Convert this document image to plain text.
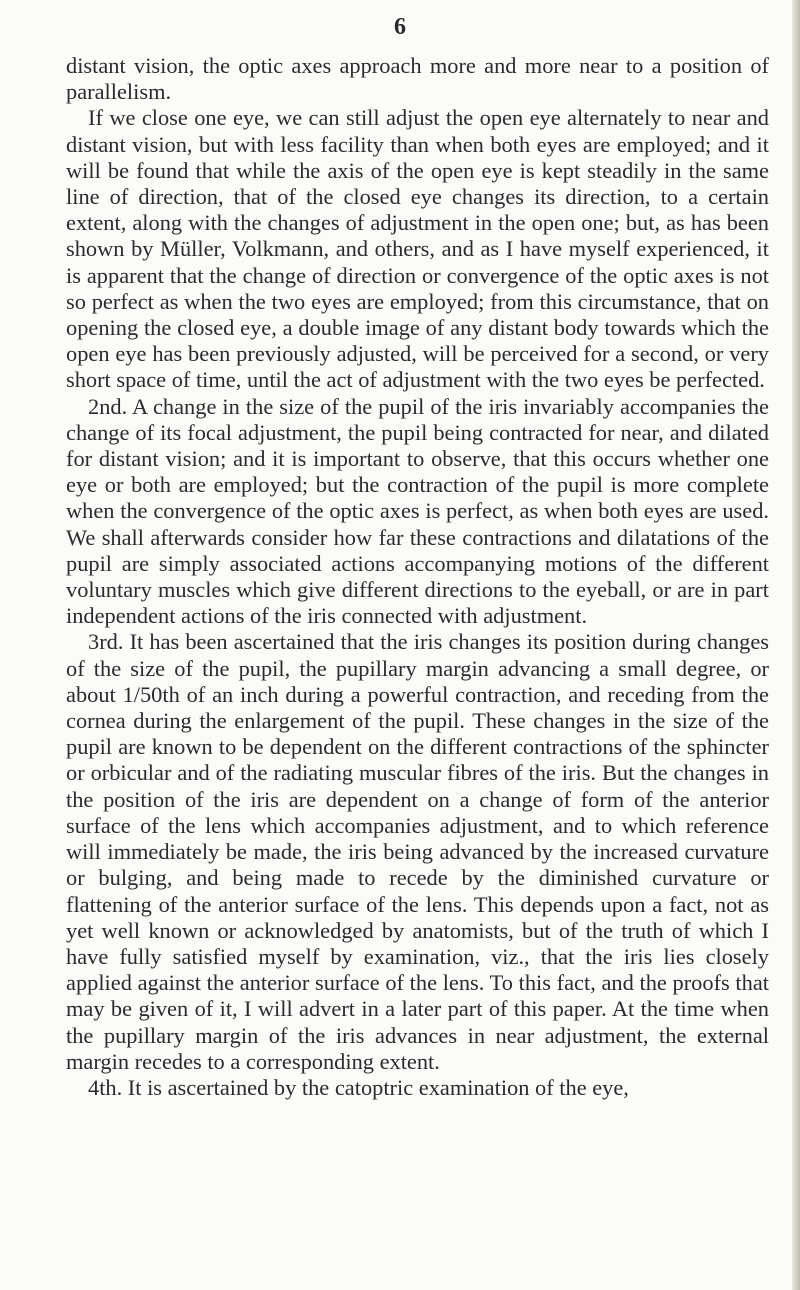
6

distant vision, the optic axes approach more and more near to a position of parallelism.

If we close one eye, we can still adjust the open eye alternately to near and distant vision, but with less facility than when both eyes are employed; and it will be found that while the axis of the open eye is kept steadily in the same line of direction, that of the closed eye changes its direction, to a certain extent, along with the changes of adjustment in the open one; but, as has been shown by Müller, Volkmann, and others, and as I have myself experienced, it is apparent that the change of direction or convergence of the optic axes is not so perfect as when the two eyes are employed; from this circumstance, that on opening the closed eye, a double image of any distant body towards which the open eye has been previously adjusted, will be perceived for a second, or very short space of time, until the act of adjustment with the two eyes be perfected.

2nd. A change in the size of the pupil of the iris invariably accompanies the change of its focal adjustment, the pupil being contracted for near, and dilated for distant vision; and it is important to observe, that this occurs whether one eye or both are employed; but the contraction of the pupil is more complete when the convergence of the optic axes is perfect, as when both eyes are used. We shall afterwards consider how far these contractions and dilatations of the pupil are simply associated actions accompanying motions of the different voluntary muscles which give different directions to the eyeball, or are in part independent actions of the iris connected with adjustment.

3rd. It has been ascertained that the iris changes its position during changes of the size of the pupil, the pupillary margin advancing a small degree, or about 1/50th of an inch during a powerful contraction, and receding from the cornea during the enlargement of the pupil. These changes in the size of the pupil are known to be dependent on the different contractions of the sphincter or orbicular and of the radiating muscular fibres of the iris. But the changes in the position of the iris are dependent on a change of form of the anterior surface of the lens which accompanies adjustment, and to which reference will immediately be made, the iris being advanced by the increased curvature or bulging, and being made to recede by the diminished curvature or flattening of the anterior surface of the lens. This depends upon a fact, not as yet well known or acknowledged by anatomists, but of the truth of which I have fully satisfied myself by examination, viz., that the iris lies closely applied against the anterior surface of the lens. To this fact, and the proofs that may be given of it, I will advert in a later part of this paper. At the time when the pupillary margin of the iris advances in near adjustment, the external margin recedes to a corresponding extent.

4th. It is ascertained by the catoptric examination of the eye,
